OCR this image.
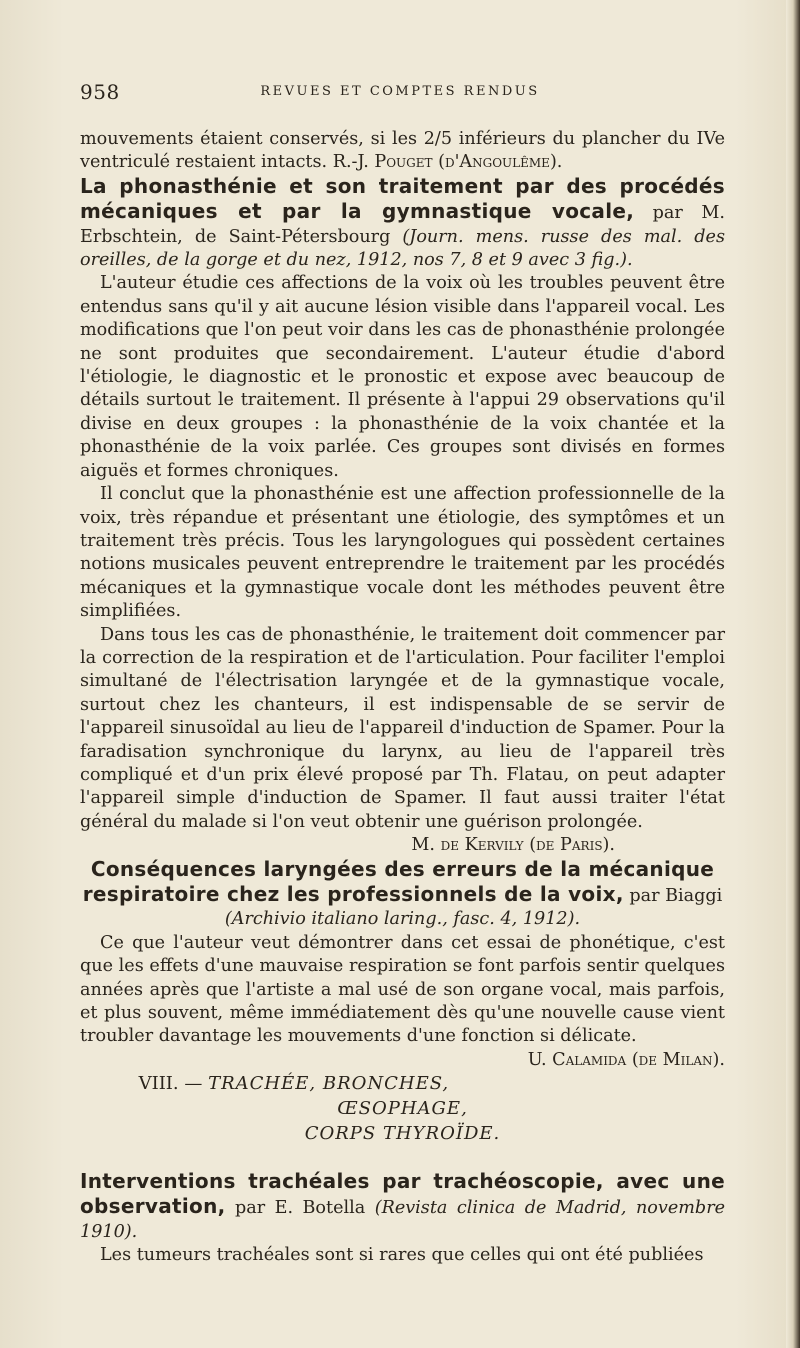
958	REVUES ET COMPTES RENDUS

mouvements étaient conservés, si les 2/5 inférieurs du plancher du IVe ventriculé restaient intacts. R.-J. Pouget (d'Angoulême).

La phonasthénie et son traitement par des procédés mécaniques et par la gymnastique vocale, par M. Erbschtein, de Saint-Pétersbourg (Journ. mens. russe des mal. des oreilles, de la gorge et du nez, 1912, nos 7, 8 et 9 avec 3 fig.).

L'auteur étudie ces affections de la voix où les troubles peuvent être entendus sans qu'il y ait aucune lésion visible dans l'appareil vocal. Les modifications que l'on peut voir dans les cas de phonasthénie prolongée ne sont produites que secondairement. L'auteur étudie d'abord l'étiologie, le diagnostic et le pronostic et expose avec beaucoup de détails surtout le traitement. Il présente à l'appui 29 observations qu'il divise en deux groupes : la phonasthénie de la voix chantée et la phonasthénie de la voix parlée. Ces groupes sont divisés en formes aiguës et formes chroniques.

Il conclut que la phonasthénie est une affection professionnelle de la voix, très répandue et présentant une étiologie, des symptômes et un traitement très précis. Tous les laryngologues qui possèdent certaines notions musicales peuvent entreprendre le traitement par les procédés mécaniques et la gymnastique vocale dont les méthodes peuvent être simplifiées.

Dans tous les cas de phonasthénie, le traitement doit commencer par la correction de la respiration et de l'articulation. Pour faciliter l'emploi simultané de l'électrisation laryngée et de la gymnastique vocale, surtout chez les chanteurs, il est indispensable de se servir de l'appareil sinusoïdal au lieu de l'appareil d'induction de Spamer. Pour la faradisation synchronique du larynx, au lieu de l'appareil très compliqué et d'un prix élevé proposé par Th. Flatau, on peut adapter l'appareil simple d'induction de Spamer. Il faut aussi traiter l'état général du malade si l'on veut obtenir une guérison prolongée.

M. de Kervily (de Paris).

Conséquences laryngées des erreurs de la mécanique respiratoire chez les professionnels de la voix, par Biaggi (Archivio italiano laring., fasc. 4, 1912).

Ce que l'auteur veut démontrer dans cet essai de phonétique, c'est que les effets d'une mauvaise respiration se font parfois sentir quelques années après que l'artiste a mal usé de son organe vocal, mais parfois, et plus souvent, même immédiatement dès qu'une nouvelle cause vient troubler davantage les mouvements d'une fonction si délicate.
U. Calamida (de Milan).

VIII. — TRACHÉE, BRONCHES, ŒSOPHAGE,
CORPS THYROÏDE.

Interventions trachéales par trachéoscopie, avec une observation, par E. Botella (Revista clinica de Madrid, novembre 1910).

Les tumeurs trachéales sont si rares que celles qui ont été publiées
